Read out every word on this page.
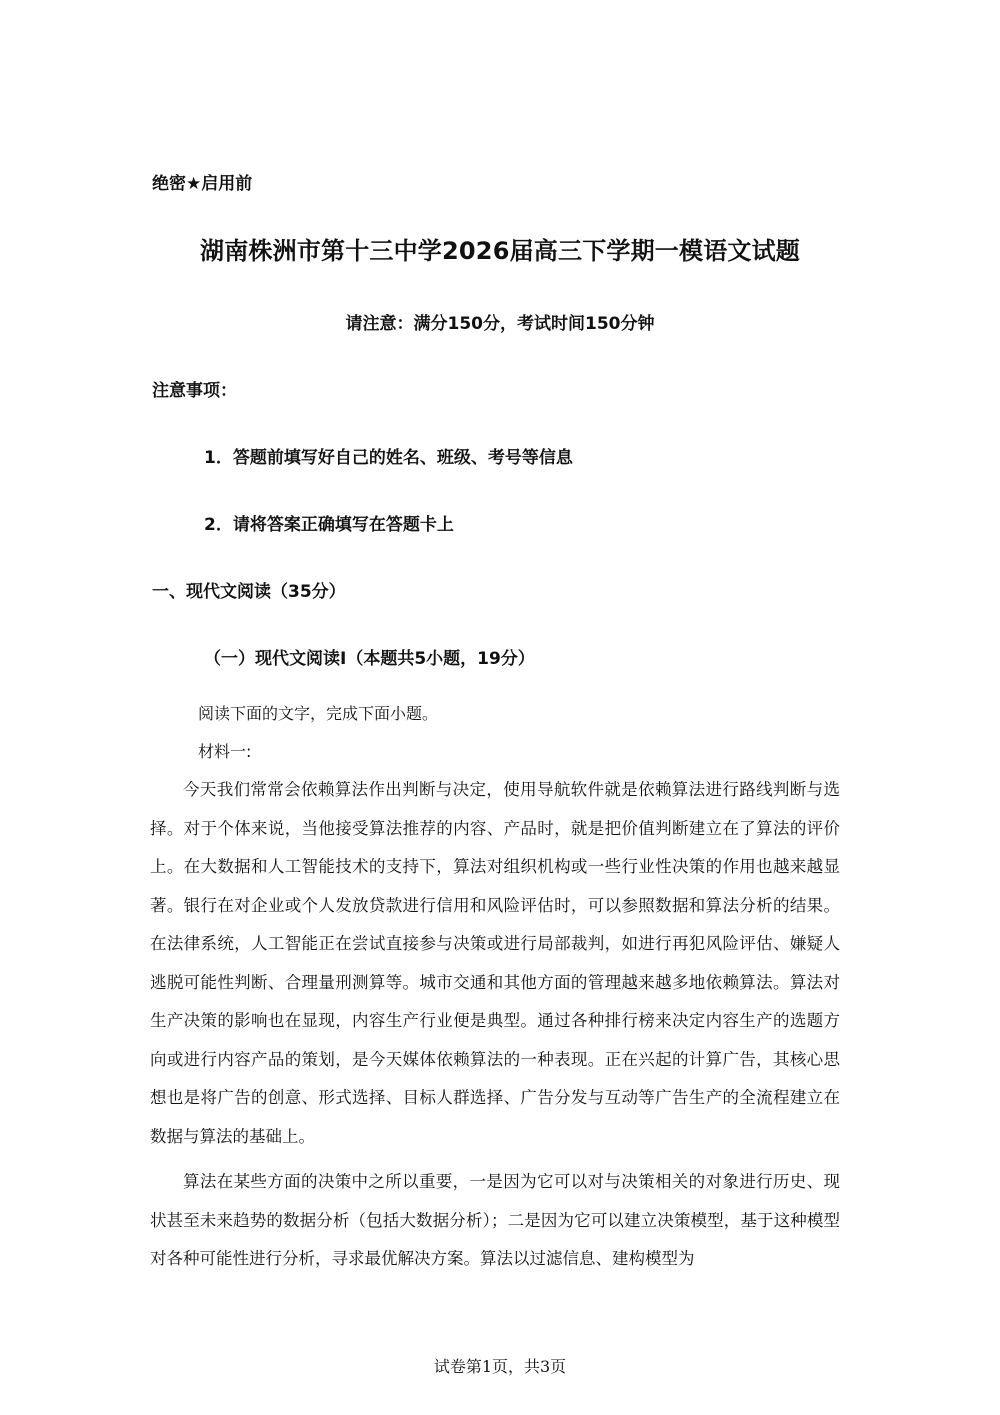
绝密★启用前
湖南株洲市第十三中学2026届高三下学期一模语文试题
请注意：满分150分，考试时间150分钟
注意事项：
1．答题前填写好自己的姓名、班级、考号等信息
2．请将答案正确填写在答题卡上
一、现代文阅读（35分）
（一）现代文阅读I（本题共5小题，19分）
阅读下面的文字，完成下面小题。
材料一:

今天我们常常会依赖算法作出判断与决定，使用导航软件就是依赖算法进行路线判断与选择。对于个体来说，当他接受算法推荐的内容、产品时，就是把价值判断建立在了算法的评价上。在大数据和人工智能技术的支持下，算法对组织机构或一些行业性决策的作用也越来越显著。银行在对企业或个人发放贷款进行信用和风险评估时，可以参照数据和算法分析的结果。在法律系统，人工智能正在尝试直接参与决策或进行局部裁判，如进行再犯风险评估、嫌疑人逃脱可能性判断、合理量刑测算等。城市交通和其他方面的管理越来越多地依赖算法。算法对生产决策的影响也在显现，内容生产行业便是典型。通过各种排行榜来决定内容生产的选题方向或进行内容产品的策划，是今天媒体依赖算法的一种表现。正在兴起的计算广告，其核心思想也是将广告的创意、形式选择、目标人群选择、广告分发与互动等广告生产的全流程建立在数据与算法的基础上。

算法在某些方面的决策中之所以重要，一是因为它可以对与决策相关的对象进行历史、现状甚至未来趋势的数据分析（包括大数据分析）；二是因为它可以建立决策模型，基于这种模型对各种可能性进行分析，寻求最优解决方案。算法以过滤信息、建构模型为

试卷第1页，共3页
